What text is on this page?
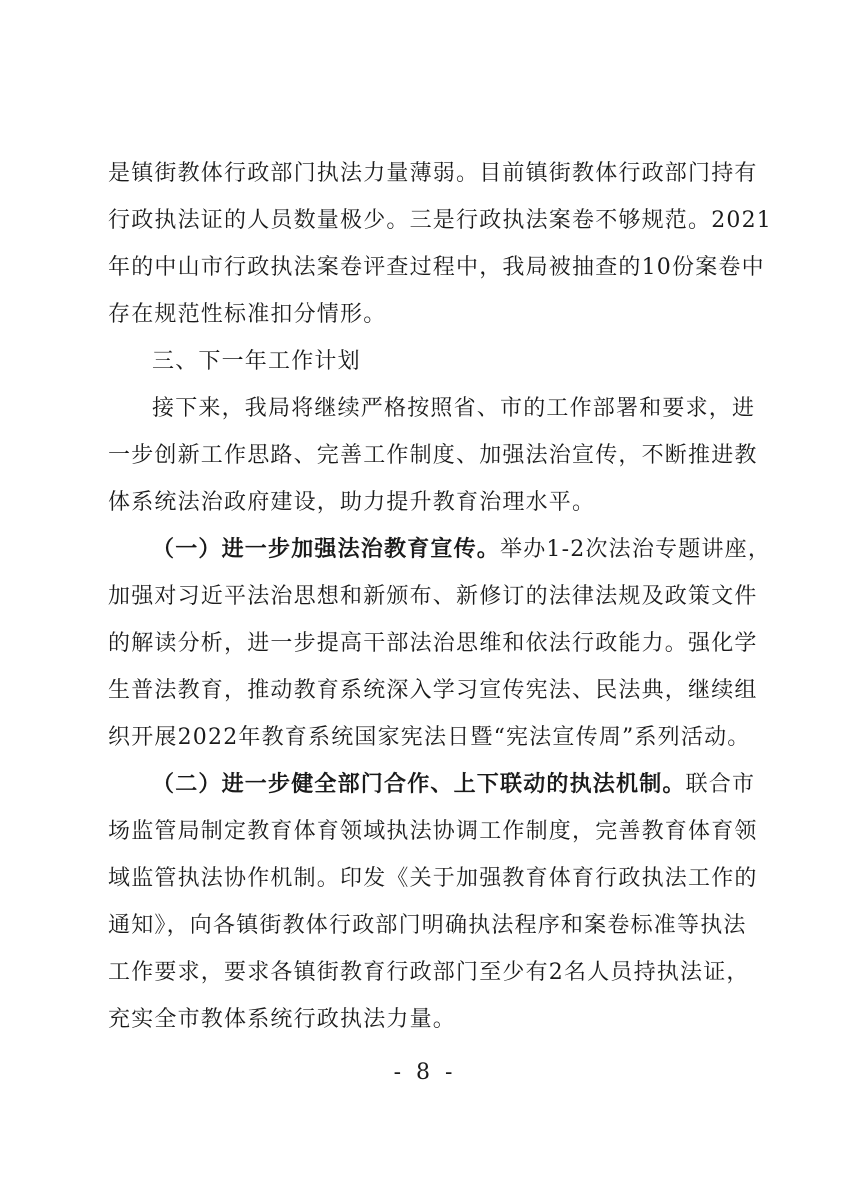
是镇街教体行政部门执法力量薄弱。目前镇街教体行政部门持有
行政执法证的人员数量极少。三是行政执法案卷不够规范。2021
年的中山市行政执法案卷评查过程中，我局被抽查的10份案卷中
存在规范性标准扣分情形。
三、下一年工作计划
接下来，我局将继续严格按照省、市的工作部署和要求，进
一步创新工作思路、完善工作制度、加强法治宣传，不断推进教
体系统法治政府建设，助力提升教育治理水平。
（一）进一步加强法治教育宣传。举办1-2次法治专题讲座，
加强对习近平法治思想和新颁布、新修订的法律法规及政策文件
的解读分析，进一步提高干部法治思维和依法行政能力。强化学
生普法教育，推动教育系统深入学习宣传宪法、民法典，继续组
织开展2022年教育系统国家宪法日暨“宪法宣传周”系列活动。
（二）进一步健全部门合作、上下联动的执法机制。联合市
场监管局制定教育体育领域执法协调工作制度，完善教育体育领
域监管执法协作机制。印发《关于加强教育体育行政执法工作的
通知》，向各镇街教体行政部门明确执法程序和案卷标准等执法
工作要求，要求各镇街教育行政部门至少有2名人员持执法证，
充实全市教体系统行政执法力量。
- 8 -
